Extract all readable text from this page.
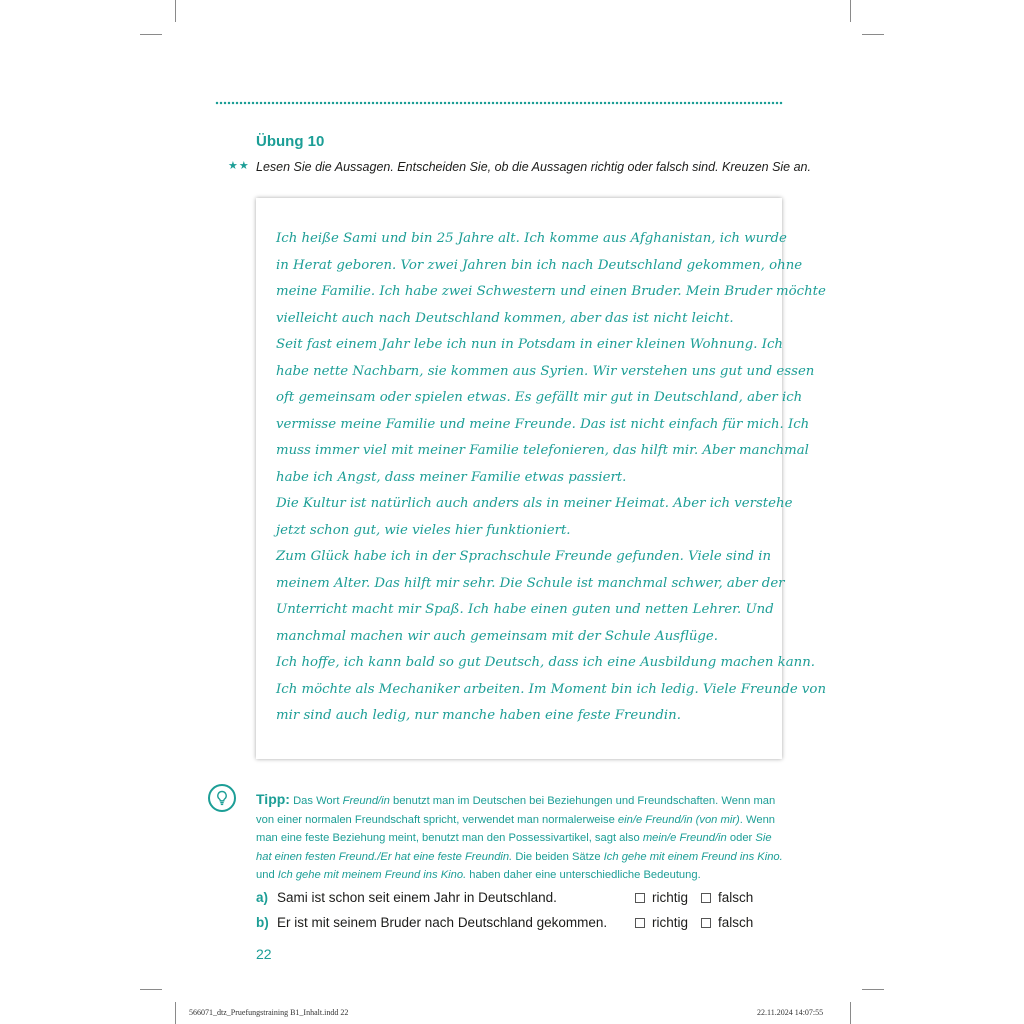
Übung 10
★★ Lesen Sie die Aussagen. Entscheiden Sie, ob die Aussagen richtig oder falsch sind. Kreuzen Sie an.
Ich heiße Sami und bin 25 Jahre alt. Ich komme aus Afghanistan, ich wurde
in Herat geboren. Vor zwei Jahren bin ich nach Deutschland gekommen, ohne
meine Familie. Ich habe zwei Schwestern und einen Bruder. Mein Bruder möchte
vielleicht auch nach Deutschland kommen, aber das ist nicht leicht.
Seit fast einem Jahr lebe ich nun in Potsdam in einer kleinen Wohnung. Ich
habe nette Nachbarn, sie kommen aus Syrien. Wir verstehen uns gut und essen
oft gemeinsam oder spielen etwas. Es gefällt mir gut in Deutschland, aber ich
vermisse meine Familie und meine Freunde. Das ist nicht einfach für mich. Ich
muss immer viel mit meiner Familie telefonieren, das hilft mir. Aber manchmal
habe ich Angst, dass meiner Familie etwas passiert.
Die Kultur ist natürlich auch anders als in meiner Heimat. Aber ich verstehe
jetzt schon gut, wie vieles hier funktioniert.
Zum Glück habe ich in der Sprachschule Freunde gefunden. Viele sind in
meinem Alter. Das hilft mir sehr. Die Schule ist manchmal schwer, aber der
Unterricht macht mir Spaß. Ich habe einen guten und netten Lehrer. Und
manchmal machen wir auch gemeinsam mit der Schule Ausflüge.
Ich hoffe, ich kann bald so gut Deutsch, dass ich eine Ausbildung machen kann.
Ich möchte als Mechaniker arbeiten. Im Moment bin ich ledig. Viele Freunde von
mir sind auch ledig, nur manche haben eine feste Freundin.
Tipp: Das Wort Freund/in benutzt man im Deutschen bei Beziehungen und Freundschaften. Wenn man von einer normalen Freundschaft spricht, verwendet man normalerweise ein/e Freund/in (von mir). Wenn man eine feste Beziehung meint, benutzt man den Possessivartikel, sagt also mein/e Freund/in oder Sie hat einen festen Freund./Er hat eine feste Freundin. Die beiden Sätze Ich gehe mit einem Freund ins Kino. und Ich gehe mit meinem Freund ins Kino. haben daher eine unterschiedliche Bedeutung.
a) Sami ist schon seit einem Jahr in Deutschland.	richtig falsch
b) Er ist mit seinem Bruder nach Deutschland gekommen.	richtig falsch
22
566071_dtz_Pruefungstraining B1_Inhalt.indd 22	22.11.2024 14:07:55
